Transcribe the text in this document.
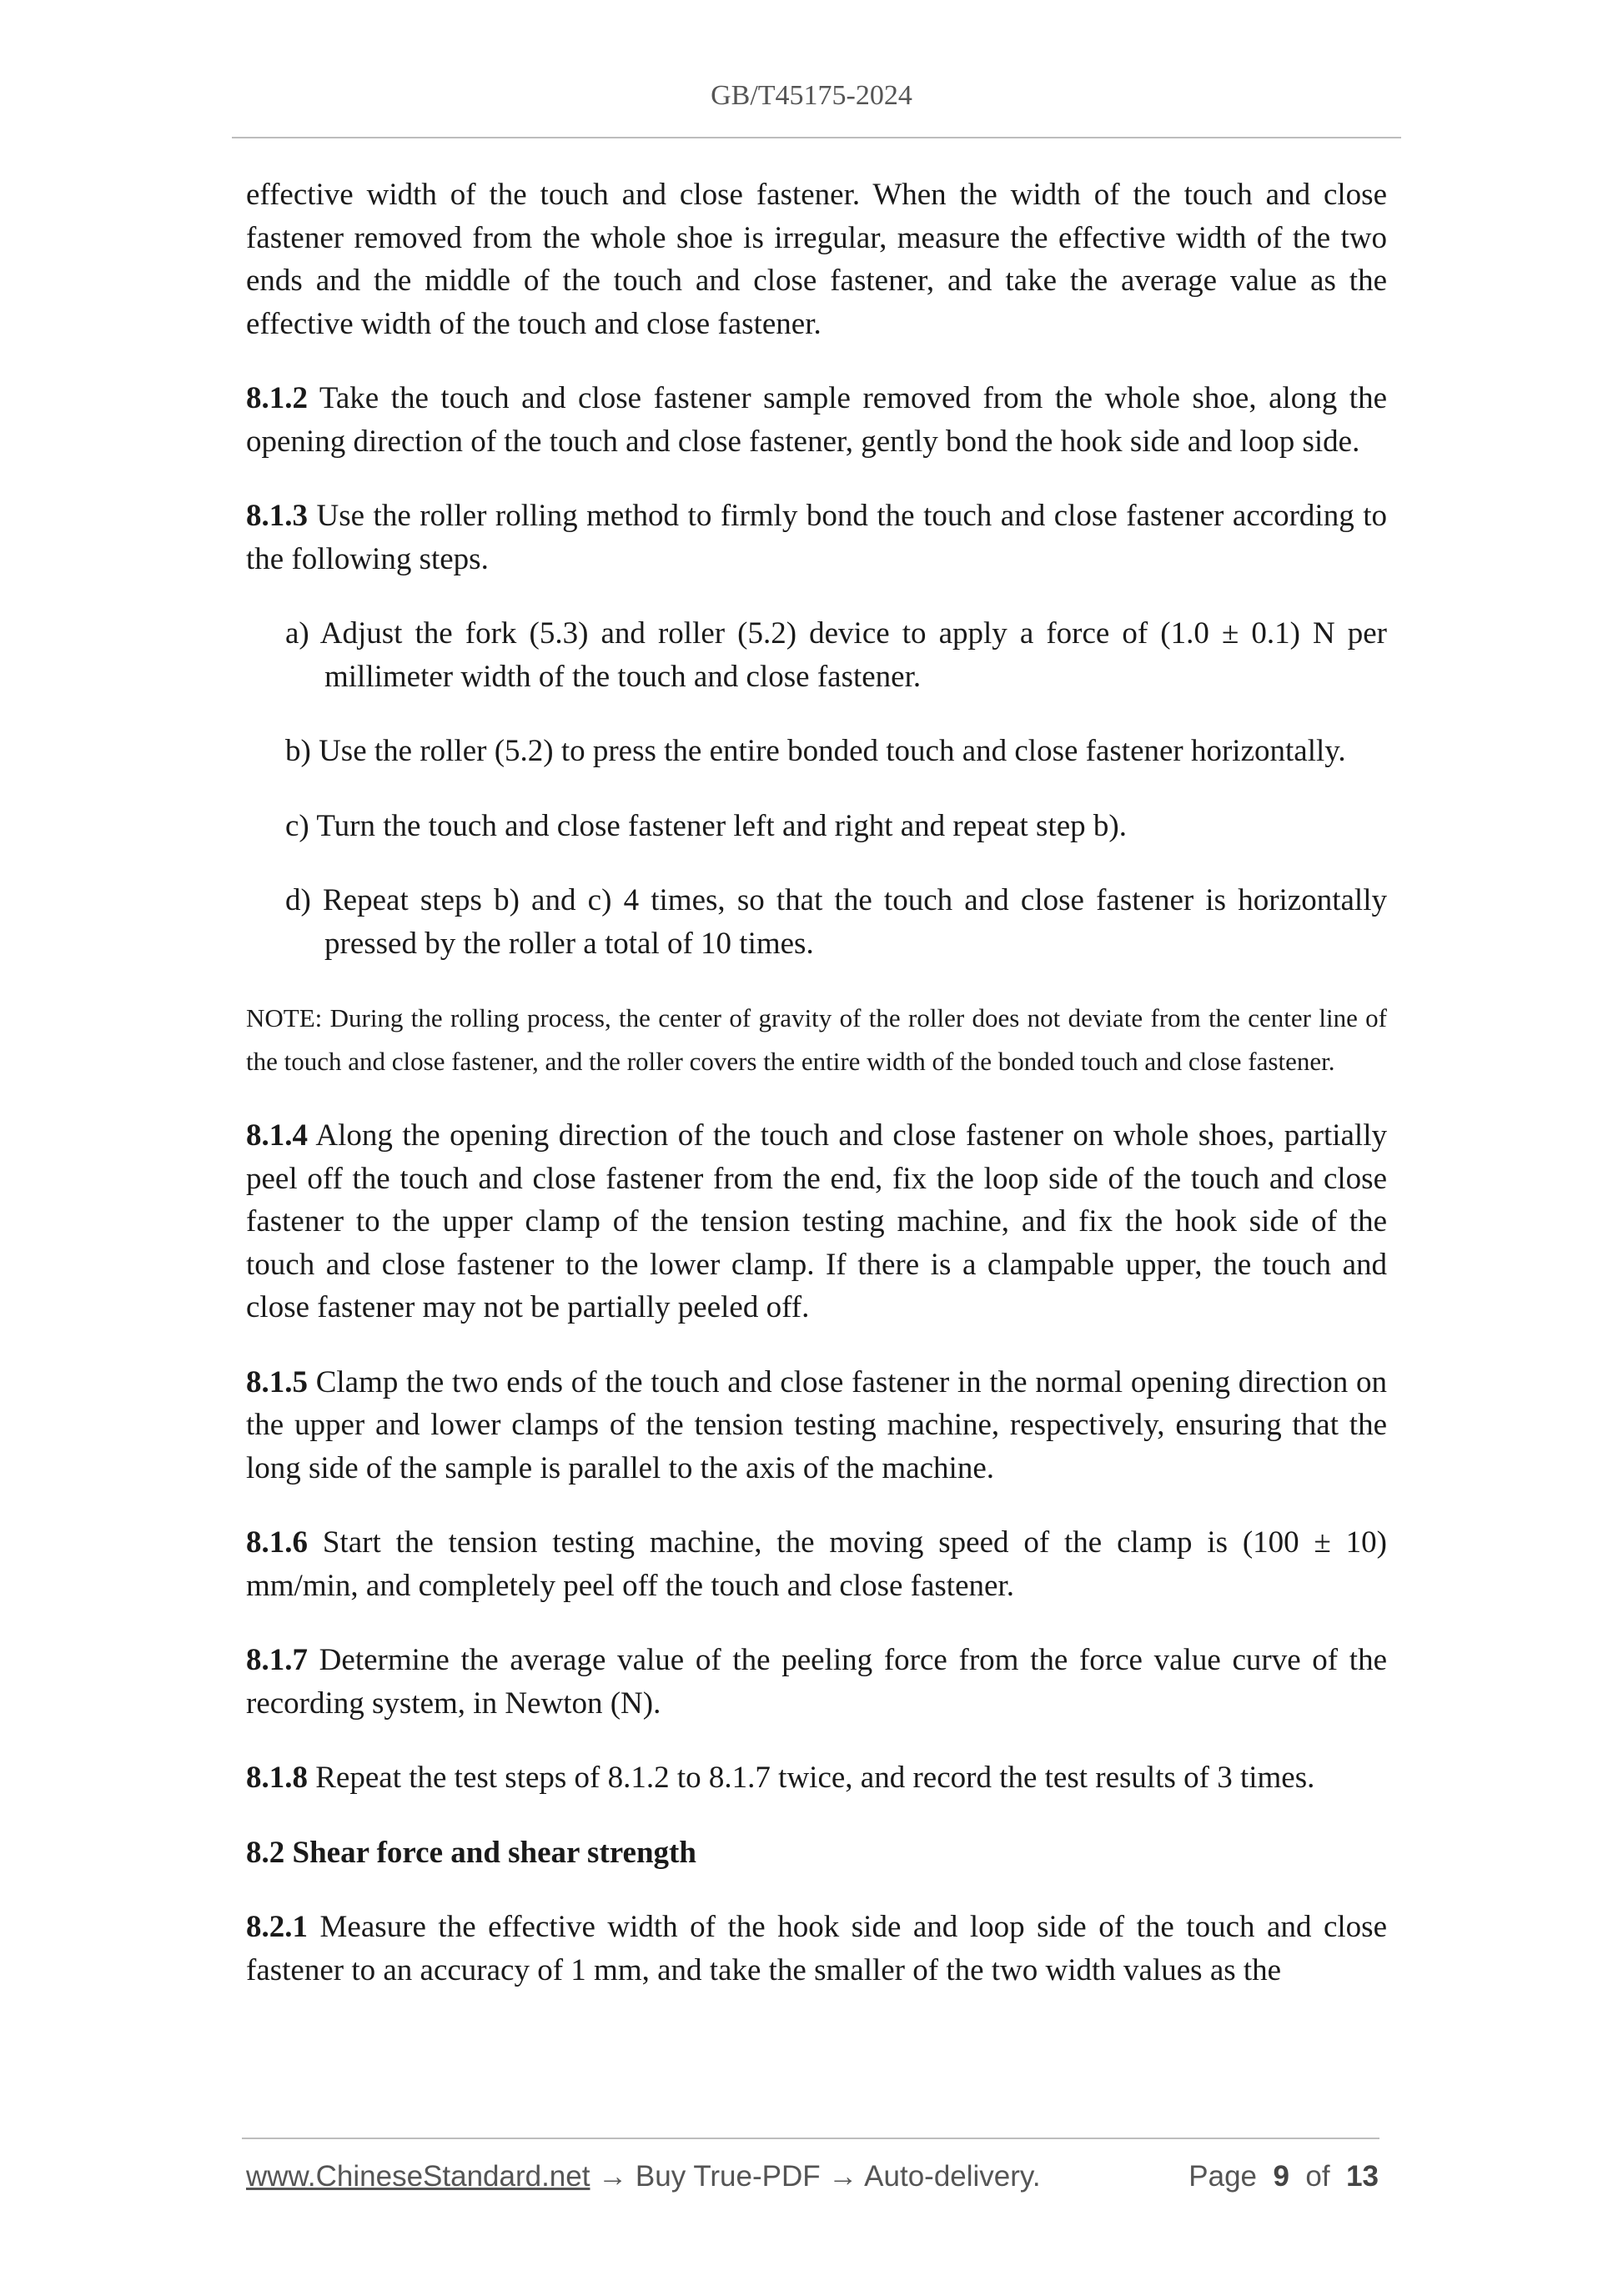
GB/T45175-2024

effective width of the touch and close fastener. When the width of the touch and close fastener removed from the whole shoe is irregular, measure the effective width of the two ends and the middle of the touch and close fastener, and take the average value as the effective width of the touch and close fastener.

8.1.2 Take the touch and close fastener sample removed from the whole shoe, along the opening direction of the touch and close fastener, gently bond the hook side and loop side.

8.1.3 Use the roller rolling method to firmly bond the touch and close fastener according to the following steps.

a) Adjust the fork (5.3) and roller (5.2) device to apply a force of (1.0 ± 0.1) N per millimeter width of the touch and close fastener.

b) Use the roller (5.2) to press the entire bonded touch and close fastener horizontally.

c) Turn the touch and close fastener left and right and repeat step b).

d) Repeat steps b) and c) 4 times, so that the touch and close fastener is horizontally pressed by the roller a total of 10 times.

NOTE: During the rolling process, the center of gravity of the roller does not deviate from the center line of the touch and close fastener, and the roller covers the entire width of the bonded touch and close fastener.

8.1.4 Along the opening direction of the touch and close fastener on whole shoes, partially peel off the touch and close fastener from the end, fix the loop side of the touch and close fastener to the upper clamp of the tension testing machine, and fix the hook side of the touch and close fastener to the lower clamp. If there is a clampable upper, the touch and close fastener may not be partially peeled off.

8.1.5 Clamp the two ends of the touch and close fastener in the normal opening direction on the upper and lower clamps of the tension testing machine, respectively, ensuring that the long side of the sample is parallel to the axis of the machine.

8.1.6 Start the tension testing machine, the moving speed of the clamp is (100 ± 10) mm/min, and completely peel off the touch and close fastener.

8.1.7 Determine the average value of the peeling force from the force value curve of the recording system, in Newton (N).

8.1.8 Repeat the test steps of 8.1.2 to 8.1.7 twice, and record the test results of 3 times.

8.2 Shear force and shear strength

8.2.1 Measure the effective width of the hook side and loop side of the touch and close fastener to an accuracy of 1 mm, and take the smaller of the two width values as the

www.ChineseStandard.net → Buy True-PDF → Auto-delivery.	Page 9 of 13
